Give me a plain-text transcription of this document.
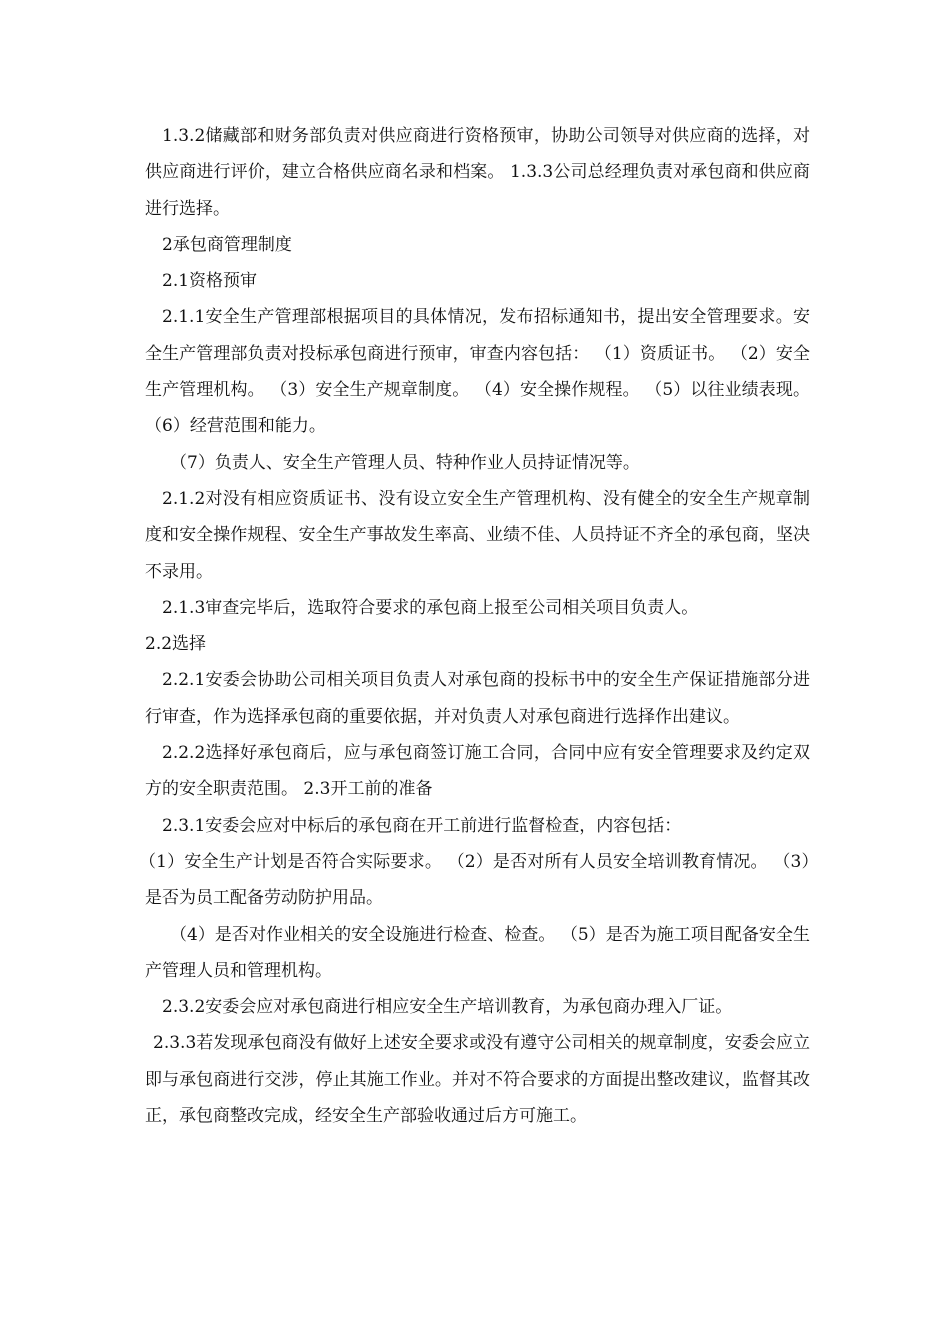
1.3.2储藏部和财务部负责对供应商进行资格预审，协助公司领导对供应商的选择，对供应商进行评价，建立合格供应商名录和档案。 1.3.3公司总经理负责对承包商和供应商进行选择。

2承包商管理制度

2.1资格预审

2.1.1安全生产管理部根据项目的具体情况，发布招标通知书，提出安全管理要求。安全生产管理部负责对投标承包商进行预审，审查内容包括： （1）资质证书。 （2）安全生产管理机构。 （3）安全生产规章制度。 （4）安全操作规程。 （5）以往业绩表现。 （6）经营范围和能力。

（7）负责人、安全生产管理人员、特种作业人员持证情况等。

2.1.2对没有相应资质证书、没有设立安全生产管理机构、没有健全的安全生产规章制度和安全操作规程、安全生产事故发生率高、业绩不佳、人员持证不齐全的承包商，坚决不录用。

2.1.3审查完毕后，选取符合要求的承包商上报至公司相关项目负责人。

2.2选择

2.2.1安委会协助公司相关项目负责人对承包商的投标书中的安全生产保证措施部分进行审查，作为选择承包商的重要依据，并对负责人对承包商进行选择作出建议。

2.2.2选择好承包商后，应与承包商签订施工合同，合同中应有安全管理要求及约定双方的安全职责范围。 2.3开工前的准备

2.3.1安委会应对中标后的承包商在开工前进行监督检查，内容包括：

（1）安全生产计划是否符合实际要求。 （2）是否对所有人员安全培训教育情况。 （3）是否为员工配备劳动防护用品。

（4）是否对作业相关的安全设施进行检查、检查。 （5）是否为施工项目配备安全生产管理人员和管理机构。

2.3.2安委会应对承包商进行相应安全生产培训教育，为承包商办理入厂证。

2.3.3若发现承包商没有做好上述安全要求或没有遵守公司相关的规章制度，安委会应立即与承包商进行交涉，停止其施工作业。并对不符合要求的方面提出整改建议，监督其改正，承包商整改完成，经安全生产部验收通过后方可施工。
